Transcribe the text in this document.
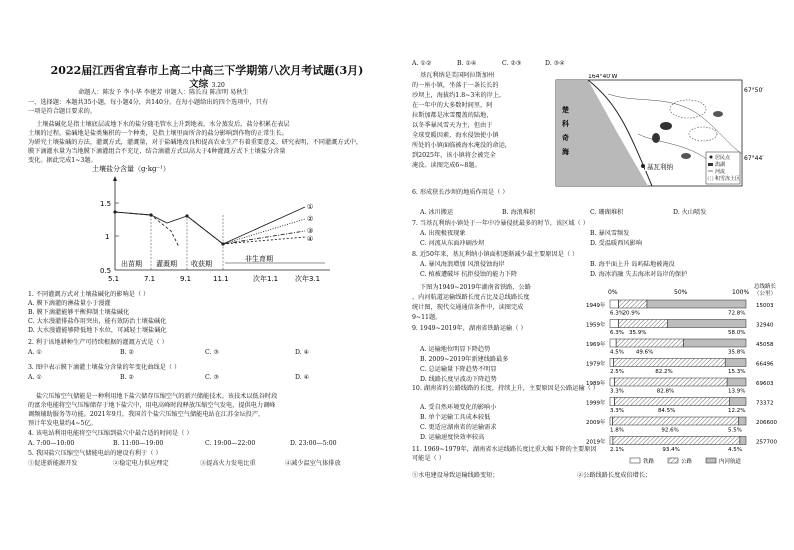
2022届江西省宜春市上高二中高三下学期第八次月考试题(3月)
文综 3.20
命题人：陈发予 李小华 李建芳 审题人：陈长良 陈彦明 易秋生
一、选择题：本题共35小题，每小题4分，共140分。在每小题给出的四个选项中，只有
一项是符合题目要求的。
土壤盐碱化是指土壤底层或地下水的盐分随毛管水上升到地表，水分蒸发后，盐分积累在表层
土壤的过程。盐碱地是盐类集积的一个种类，是指土壤里面所含的盐分影响到作物的正常生长。
为研究土壤盐碱的方法，灌溉方式，灌溉量，对于盐碱地改良和提高农业生产有着重要意义。研究表明，不同灌溉方式中，
膜下滴灌水量为当地膜下滴灌组合不充足，结合滴灌方式以高大于4种灌溉方式下土壤盐分含量
变化。据此完成1~3题。
土壤盐分含量（g·kg⁻¹）
1.5
1
0.5
①
②
③
④
出苗期 灌溉期 收获期
非生育期
5.1	7.1	9.1	11.1	次年1.1 次年3.1
1. 不同灌溉方式对土壤盐碱化的影响是（ ）
A. 膜下滴灌的淋盐量小于漫灌
B. 膜下滴灌能够平衡抑制土壤盐碱化
C. 大水漫灌排盐作用突出，能有效防治土壤盐碱化
D. 大水漫灌能够降低地下水位，可减轻土壤盐碱化
2. 利于该地耕种生产可持续根据的灌溉方式是（ ）
A. ①	B. ②	C. ③	D. ④
3. 图中表示膜下滴灌土壤盐分含量的年变化曲线是（ ）
A. ①	B. ②	C. ③	D. ④
盐穴压缩空气储能是一种利用地下盐穴储存压缩空气的新兴储能技术。该技术以低谷时段
的富余电能将空气压缩储存于地下盐穴中，用电高峰时段释放压缩空气发电，提供电力调峰
调频辅助服务等功能。2021年9月，我国首个盐穴压缩空气储能电站在江苏金坛投产，
预计年发电量约4~5亿。
4. 该电站利用电能将空气压缩到盐穴中最合适的时间是（ ）
A. 7:00—10:00	B. 11:00—19:00	C. 19:00—22:00	D. 23:00—5:00
5. 我国盐穴压缩空气储能电站的建设有利于（ ）
①促进新能源开发	②稳定电力供应理定	③提高火力发电比重	④减少温室气体排放
A. ①②	B. ①④	C. ②③	D. ③④
基瓦利纳是美国阿拉斯加州
的一座小镇，坐落于一条长长的
沙坝上，海拔约1.8~3米的岸上，
在一年中的大多数时间里，阿
拉斯加都是冰雪覆盖的陆地，
以冬季暴风雪天为主，但由于
全球变暖因素，海水侵蚀使小镇
所处的小镇面临被海水淹没的命运，
到2025年，该小镇将会被完全
淹没。读图完成6~8题。
164°40′W
67°50′
67°44′
楚
科
奇
海
基瓦利纳
居民点
潟湖
河流
积雪冻土区
6. 形成狭长沙坝的地质作用是（ ）
A. 冰川搬运	B. 海浪堆积	C. 珊瑚堆积	D. 火山喷发
7. 当基瓦利纳小镇处于一年中冷暴侵扰最多的时节，该区域（ ）
A. 出现极夜现象	B. 暴风雪频发
C. 河流从东面冲刷沙坝	D. 受温暖西风影响
8. 近50年来，基瓦利纳小镇面积逐渐减少最主要原因是（ ）
A. 暴风海浪增加 风浪侵蚀海岸	B. 海平面上升 岛屿陆地被淹没
C. 植被遭破坏 抗拒侵蚀的能力下降	D. 海冰消融 失去海冰对岛岸的保护
下图为1949~2019年湖南省铁路、公路
、内河航道运输线路长度占比及总线路长度
统计图，现代交通通信条件中，读图完成
9~11题。
9. 1949~2019年，湖南省铁路运输（ ）
A. 运输地位明显下降趋势
B. 2009~2019年新建线路最多
C. 总运输量下降趋势不明显
D. 线路长度呈波动下降趋势
10. 湖南省的公路线路的长度，持续上升，主要原因是公路运输（ ）
A. 受自然环境变化的影响小
B. 单个运输工具成本较低
C. 更适应湖南省的运输需求
D. 运输速度快效率较高
11. 1969~1979年，湖南省水运线路长度比重大幅下降的主要原因可能是（ ）
①水电建设导致运输线路变短；	②公路线路长度成倍增长；
0%	50%	100%
总线路长
（公里）
1949年
6.3%
20.9%	72.8%
15003
1959年
6.3% 35.9%	58.0%
32940
1969年
4.5% 49.6%	35.8%
45058
1979年
2.5%	82.2%	15.3%
66496
1989年
3.3%	82.8%	13.9%
69603
1999年
3.3%	84.5%	12.2%
73372
2009年
1.8%	92.6%	5.5%
206600
2019年
2.1%	93.4%	4.5%
257700
铁路	公路	内河航道
